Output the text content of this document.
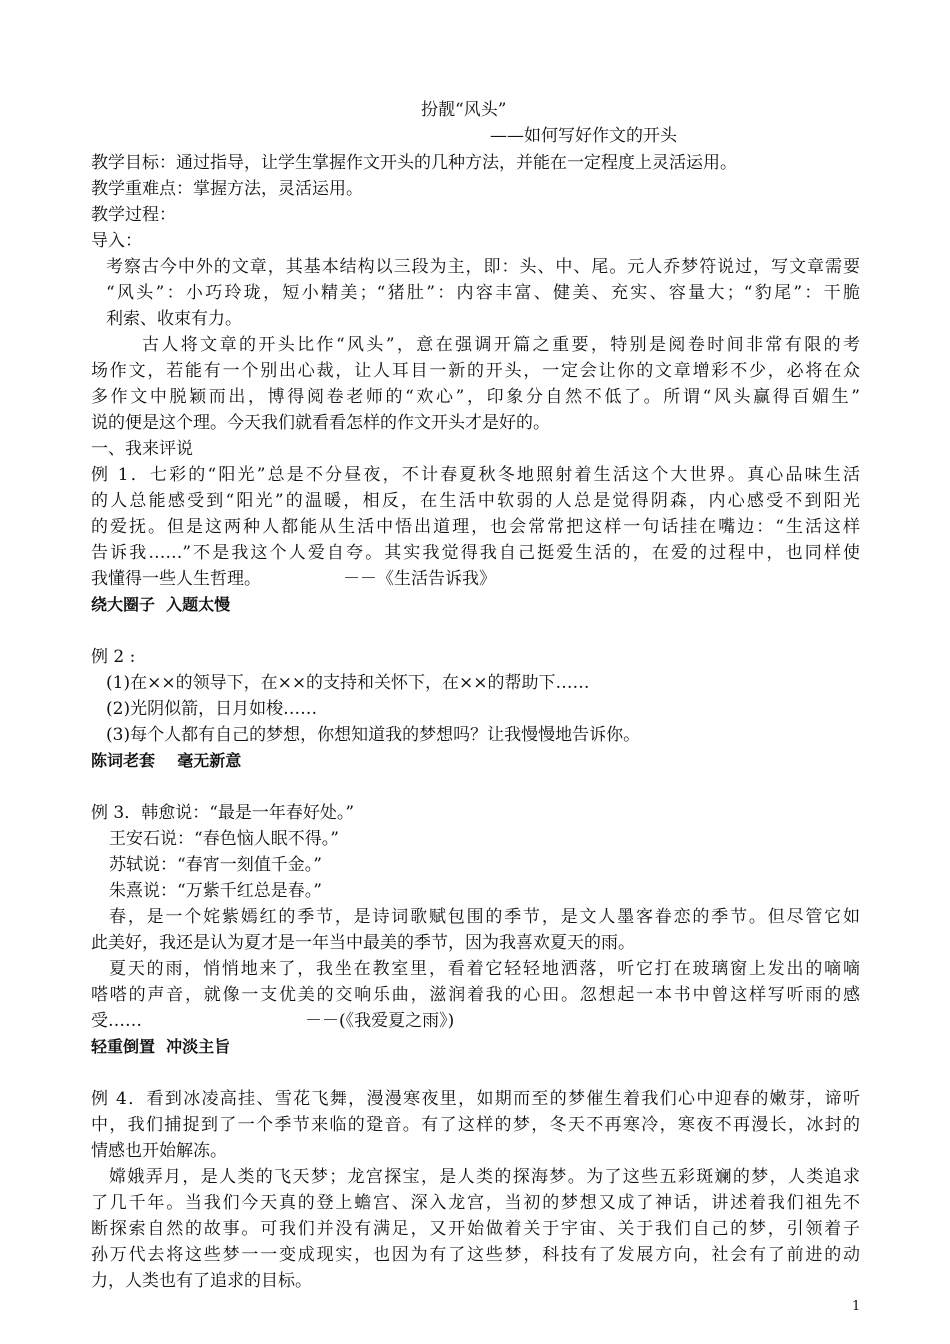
扮靓“风头”
——如何写好作文的开头
教学目标：通过指导，让学生掌握作文开头的几种方法，并能在一定程度上灵活运用。
教学重难点：掌握方法，灵活运用。
教学过程：
导入：
考察古今中外的文章，其基本结构以三段为主，即：头、中、尾。元人乔梦符说过，写文章需要
“风头”：小巧玲珑，短小精美；“猪肚”：内容丰富、健美、充实、容量大；“豹尾”：干脆
利索、收束有力。
古人将文章的开头比作“风头”，意在强调开篇之重要，特别是阅卷时间非常有限的考
场作文，若能有一个别出心裁，让人耳目一新的开头，一定会让你的文章增彩不少，必将在众
多作文中脱颖而出，博得阅卷老师的“欢心”，印象分自然不低了。所谓“风头赢得百媚生”
说的便是这个理。今天我们就看看怎样的作文开头才是好的。
一、我来评说
例 1．七彩的“阳光”总是不分昼夜，不计春夏秋冬地照射着生活这个大世界。真心品味生活
的人总能感受到“阳光”的温暖，相反，在生活中软弱的人总是觉得阴森，内心感受不到阳光
的爱抚。但是这两种人都能从生活中悟出道理，也会常常把这样一句话挂在嘴边：“生活这样
告诉我……”不是我这个人爱自夸。其实我觉得我自己挺爱生活的，在爱的过程中，也同样使
我懂得一些人生哲理。	－－《生活告诉我》
绕大圈子  入题太慢
例 2 :
(1)在××的领导下，在××的支持和关怀下，在××的帮助下……
(2)光阴似箭，日月如梭……
(3)每个人都有自己的梦想，你想知道我的梦想吗？让我慢慢地告诉你。
陈词老套    毫无新意
例 3．韩愈说：“最是一年春好处。”
王安石说：“春色恼人眠不得。”
苏轼说：“春宵一刻值千金。”
朱熹说：“万紫千红总是春。”
春，是一个姹紫嫣红的季节，是诗词歌赋包围的季节，是文人墨客眷恋的季节。但尽管它如
此美好，我还是认为夏才是一年当中最美的季节，因为我喜欢夏天的雨。
夏天的雨，悄悄地来了，我坐在教室里，看着它轻轻地洒落，听它打在玻璃窗上发出的嘀嘀
嗒嗒的声音，就像一支优美的交响乐曲，滋润着我的心田。忽想起一本书中曾这样写听雨的感
受……	－－(《我爱夏之雨》)
轻重倒置  冲淡主旨
例 4．看到冰凌高挂、雪花飞舞，漫漫寒夜里，如期而至的梦催生着我们心中迎春的嫩芽，谛听
中，我们捕捉到了一个季节来临的跫音。有了这样的梦，冬天不再寒冷，寒夜不再漫长，冰封的
情感也开始解冻。
嫦娥弄月，是人类的飞天梦；龙宫探宝，是人类的探海梦。为了这些五彩斑斓的梦，人类追求
了几千年。当我们今天真的登上蟾宫、深入龙宫，当初的梦想又成了神话，讲述着我们祖先不
断探索自然的故事。可我们并没有满足，又开始做着关于宇宙、关于我们自己的梦，引领着子
孙万代去将这些梦一一变成现实，也因为有了这些梦，科技有了发展方向，社会有了前进的动
力，人类也有了追求的目标。
1
